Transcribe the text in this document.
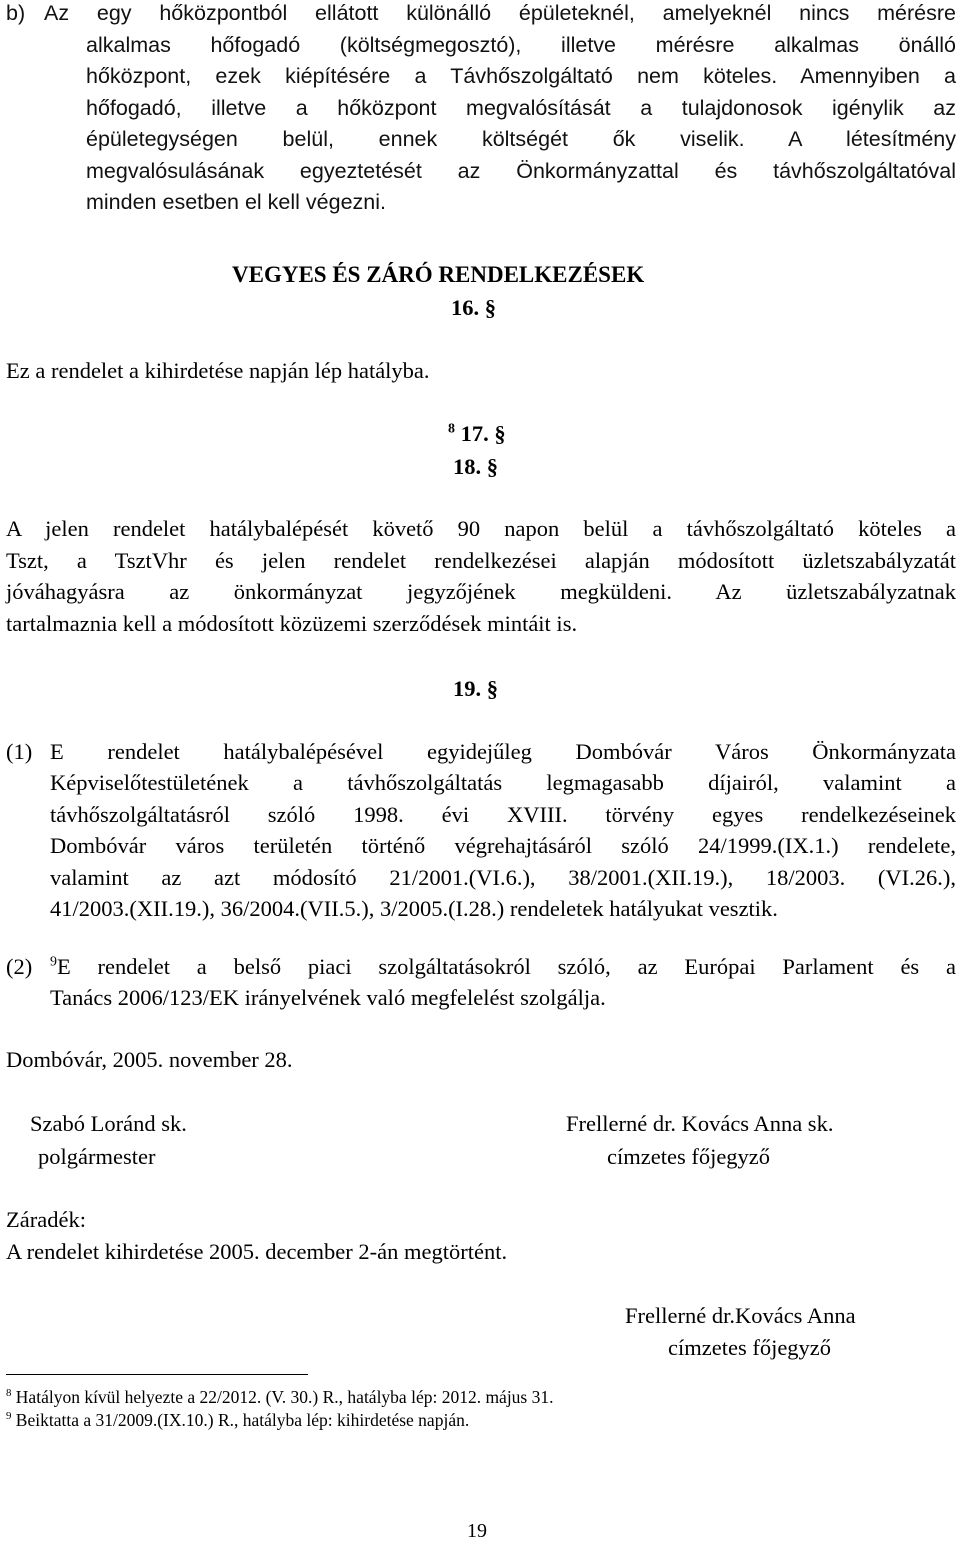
b) Az egy hőközpontból ellátott különálló épületeknél, amelyeknél nincs mérésre
alkalmas hőfogadó (költségmegosztó), illetve mérésre alkalmas önálló
hőközpont, ezek kiépítésére a Távhőszolgáltató nem köteles. Amennyiben a
hőfogadó, illetve a hőközpont megvalósítását a tulajdonosok igénylik az
épületegységen belül, ennek költségét ők viselik. A létesítmény
megvalósulásának egyeztetését az Önkormányzattal és távhőszolgáltatóval
minden esetben el kell végezni.
VEGYES ÉS ZÁRÓ RENDELKEZÉSEK
16. §
Ez a rendelet a kihirdetése napján lép hatályba.
$^8$ 17. §
18. §
A jelen rendelet hatálybalépését követő 90 napon belül a távhőszolgáltató köteles a
Tszt, a TsztVhr és jelen rendelet rendelkezései alapján módosított üzletszabályzatát
jóváhagyásra az önkormányzat jegyzőjének megküldeni. Az üzletszabályzatnak
tartalmaznia kell a módosított közüzemi szerződések mintáit is.
19. §
(1) E rendelet hatálybalépésével egyidejűleg Dombóvár Város Önkormányzata
Képviselőtestületének a távhőszolgáltatás legmagasabb díjairól, valamint a
távhőszolgáltatásról szóló 1998. évi XVIII. törvény egyes rendelkezéseinek
Dombóvár város területén történő végrehajtásáról szóló 24/1999.(IX.1.) rendelete,
valamint az azt módosító 21/2001.(VI.6.), 38/2001.(XII.19.), 18/2003. (VI.26.),
41/2003.(XII.19.), 36/2004.(VII.5.), 3/2005.(I.28.) rendeletek hatályukat vesztik.
(2)	$^9$E rendelet a belső piaci szolgáltatásokról szóló, az Európai Parlament és a
Tanács 2006/123/EK irányelvének való megfelelést szolgálja.
Dombóvár, 2005. november 28.
Szabó Loránd sk.
polgármester
Frellerné dr. Kovács Anna sk.
címzetes főjegyző
Záradék:
A rendelet kihirdetése 2005. december 2-án megtörtént.
Frellerné dr.Kovács Anna
címzetes főjegyző
$^8$ Hatályon kívül helyezte a 22/2012. (V. 30.) R., hatályba lép: 2012. május 31.
$^9$ Beiktatta a 31/2009.(IX.10.) R., hatályba lép: kihirdetése napján.
19
